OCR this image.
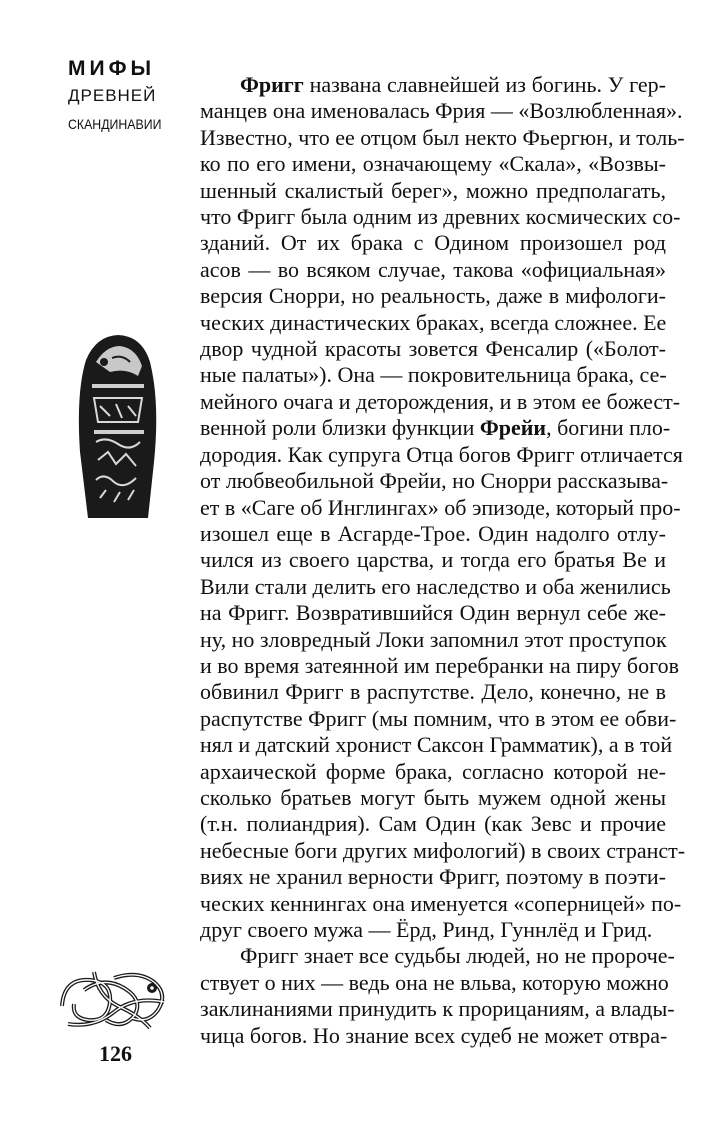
МИФЫ
ДРЕВНЕЙ
СКАНДИНАВИИ
126

Фригг названа славнейшей из богинь. У гер-

манцев она именовалась Фрия — «Возлюбленная».

Известно, что ее отцом был некто Фьергюн, и толь-

ко по его имени, означающему «Скала», «Возвы-

шенный скалистый берег», можно предполагать,

что Фригг была одним из древних космических со-

зданий. От их брака с Одином произошел род

асов — во всяком случае, такова «официальная»

версия Снорри, но реальность, даже в мифологи-

ческих династических браках, всегда сложнее. Ее

двор чудной красоты зовется Фенсалир («Болот-

ные палаты»). Она — покровительница брака, се-

мейного очага и деторождения, и в этом ее божест-

венной роли близки функции Фрейи, богини пло-

дородия. Как супруга Отца богов Фригг отличается

от любвеобильной Фрейи, но Снорри рассказыва-

ет в «Саге об Инглингах» об эпизоде, который про-

изошел еще в Асгарде-Трое. Один надолго отлу-

чился из своего царства, и тогда его братья Ве и

Вили стали делить его наследство и оба женились

на Фригг. Возвратившийся Один вернул себе же-

ну, но зловредный Локи запомнил этот проступок

и во время затеянной им перебранки на пиру богов

обвинил Фригг в распутстве. Дело, конечно, не в

распутстве Фригг (мы помним, что в этом ее обви-

нял и датский хронист Саксон Грамматик), а в той

архаической форме брака, согласно которой не-

сколько братьев могут быть мужем одной жены

(т.н. полиандрия). Сам Один (как Зевс и прочие

небесные боги других мифологий) в своих странст-

виях не хранил верности Фригг, поэтому в поэти-

ческих кеннингах она именуется «соперницей» по-

друг своего мужа — Ёрд, Ринд, Гуннлёд и Грид.

Фригг знает все судьбы людей, но не пророче-

ствует о них — ведь она не вльва, которую можно

заклинаниями принудить к прорицаниям, а влады-

чица богов. Но знание всех судеб не может отвра-
